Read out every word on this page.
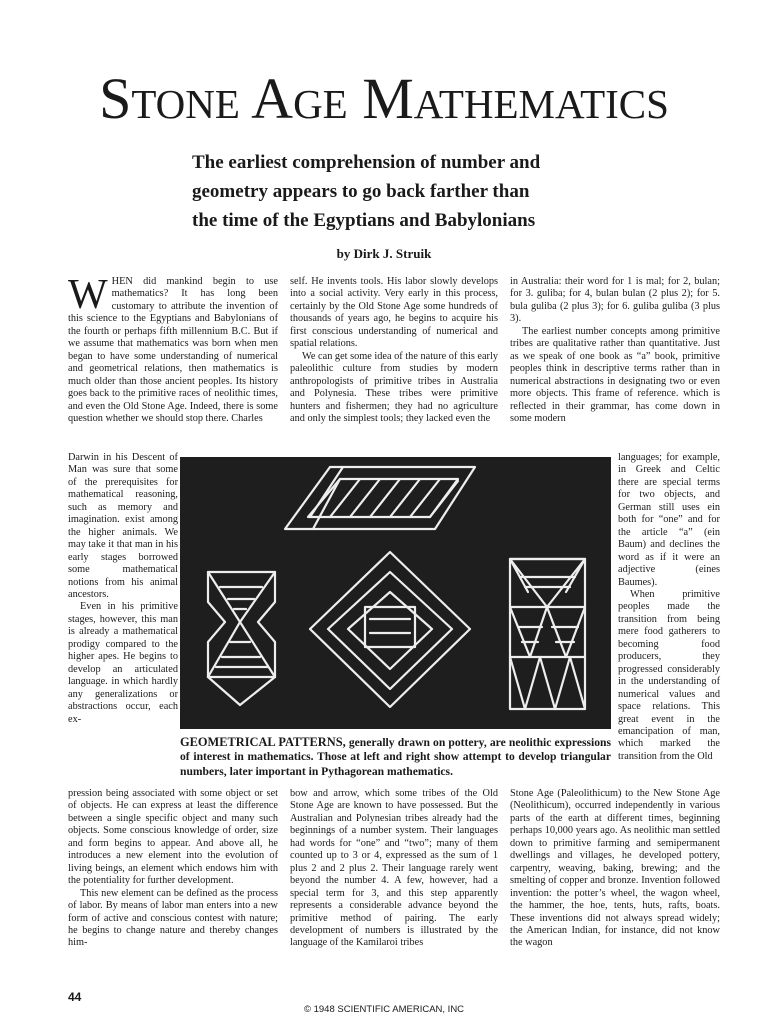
Stone Age Mathematics
The earliest comprehension of number and
geometry appears to go back farther than
the time of the Egyptians and Babylonians

by Dirk J. Struik

WHEN did mankind begin to use mathematics? It has long been customary to attribute the invention of this science to the Egyptians and Babylonians of the fourth or perhaps fifth millennium B.C. But if we assume that mathematics was born when men began to have some understanding of numerical and geometrical relations, then mathematics is much older than those ancient peoples. Its history goes back to the primitive races of neolithic times, and even the Old Stone Age. Indeed, there is some question whether we should stop there. Charles

Darwin in his Descent of Man was sure that some of the prerequisites for mathematical reasoning, such as memory and imagination. exist among the higher animals. We may take it that man in his early stages borrowed some mathematical notions from his animal ancestors.

Even in his primitive stages, however, this man is already a mathematical prodigy compared to the higher apes. He begins to develop an articulated language. in which hardly any generalizations or abstractions occur, each ex-

pression being associated with some object or set of objects. He can express at least the difference between a single specific object and many such objects. Some conscious knowledge of order, size and form begins to appear. And above all, he introduces a new element into the evolution of living beings, an element which endows him with the potentiality for further development.

This new element can be defined as the process of labor. By means of labor man enters into a new form of active and conscious contest with nature; he begins to change nature and thereby changes him-

self. He invents tools. His labor slowly develops into a social activity. Very early in this process, certainly by the Old Stone Age some hundreds of thousands of years ago, he begins to acquire his first conscious understanding of numerical and spatial relations.

We can get some idea of the nature of this early paleolithic culture from studies by modern anthropologists of primitive tribes in Australia and Polynesia. These tribes were primitive hunters and fishermen; they had no agriculture and only the simplest tools; they lacked even the

bow and arrow, which some tribes of the Old Stone Age are known to have possessed. But the Australian and Polynesian tribes already had the beginnings of a number system. Their languages had words for “one” and “two”; many of them counted up to 3 or 4, expressed as the sum of 1 plus 2 and 2 plus 2. Their language rarely went beyond the number 4. A few, however, had a special term for 3, and this step apparently represents a considerable advance beyond the primitive method of pairing. The early development of numbers is illustrated by the language of the Kamilaroi tribes

in Australia: their word for 1 is mal; for 2, bulan; for 3. guliba; for 4, bulan bulan (2 plus 2); for 5. bula guliba (2 plus 3); for 6. guliba guliba (3 plus 3).

The earliest number concepts among primitive tribes are qualitative rather than quantitative. Just as we speak of one book as “a” book, primitive peoples think in descriptive terms rather than in numerical abstractions in designating two or even more objects. This frame of reference. which is reflected in their grammar, has come down in some modern

languages; for example, in Greek and Celtic there are special terms for two objects, and German still uses ein both for “one” and for the article “a” (ein Baum) and declines the word as if it were an adjective (eines Baumes).

When primitive peoples made the transition from being mere food gatherers to becoming food producers, they progressed considerably in the understanding of numerical values and space relations. This great event in the emancipation of man, which marked the transition from the Old

Stone Age (Paleolithicum) to the New Stone Age (Neolithicum), occurred independently in various parts of the earth at different times, beginning perhaps 10,000 years ago. As neolithic man settled down to primitive farming and semipermanent dwellings and villages, he developed pottery, carpentry, weaving, baking, brewing; and the smelting of copper and bronze. Invention followed invention: the potter’s wheel, the wagon wheel, the hammer, the hoe, tents, huts, rafts, boats. These inventions did not always spread widely; the American Indian, for instance, did not know the wagon

GEOMETRICAL PATTERNS, generally drawn on pottery, are neolithic expressions of interest in mathematics. Those at left and right show attempt to develop triangular numbers, later important in Pythagorean mathematics.

44

© 1948 SCIENTIFIC AMERICAN, INC
